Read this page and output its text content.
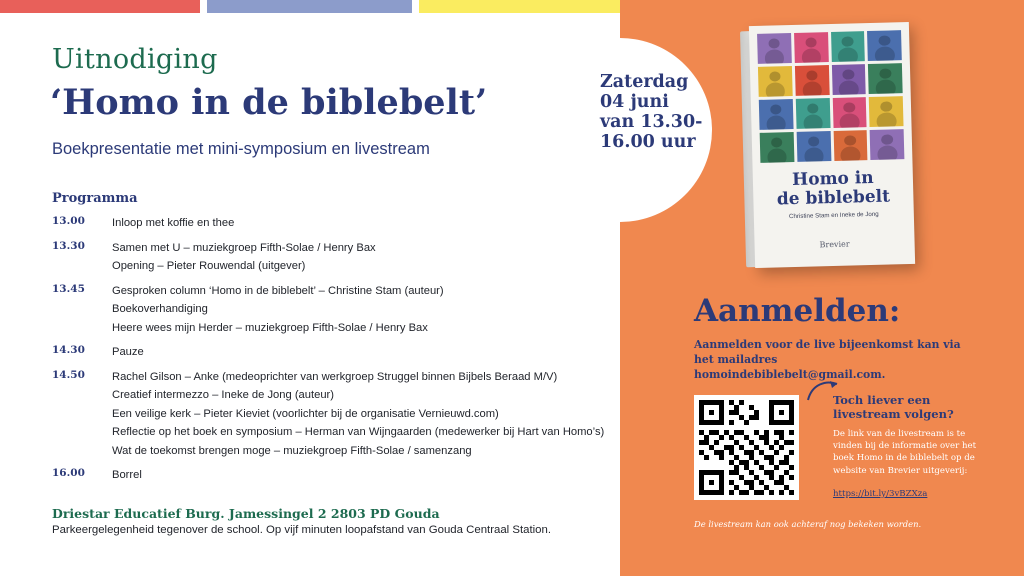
Zaterdag
04 juni
van 13.30-
16.00 uur
Uitnodiging
‘Homo in de biblebelt’
Boekpresentatie met mini-symposium en livestream
Programma
13.00	Inloop met koffie en thee
13.30	Samen met U – muziekgroep Fifth-Solae / Henry Bax
Opening – Pieter Rouwendal (uitgever)
13.45	Gesproken column ‘Homo in de biblebelt’ – Christine Stam (auteur)
Boekoverhandiging
Heere wees mijn Herder – muziekgroep Fifth-Solae / Henry Bax
14.30	Pauze
14.50	Rachel Gilson – Anke (medeoprichter van werkgroep Struggel binnen Bijbels Beraad M/V)
Creatief intermezzo – Ineke de Jong (auteur)
Een veilige kerk – Pieter Kieviet (voorlichter bij de organisatie Vernieuwd.com)
Reflectie op het boek en symposium – Herman van Wijngaarden (medewerker bij Hart van Homo’s)
Wat de toekomst brengen moge – muziekgroep Fifth-Solae / samenzang
16.00	Borrel
Driestar Educatief Burg. Jamessingel 2 2803 PD Gouda
Parkeergelegenheid tegenover de school. Op vijf minuten loopafstand van Gouda Centraal Station.
Homo in
de biblebelt
Christine Stam en Ineke de Jong
Brevier
Aanmelden:
Aanmelden voor de live bijeenkomst kan via het mailadres homoindebiblebelt@gmail.com.
Toch liever een livestream volgen?
De link van de livestream is te vinden bij de informatie over het boek Homo in de biblebelt op de website van Brevier uitgeverij:
https://bit.ly/3vBZXza
De livestream kan ook achteraf nog bekeken worden.
